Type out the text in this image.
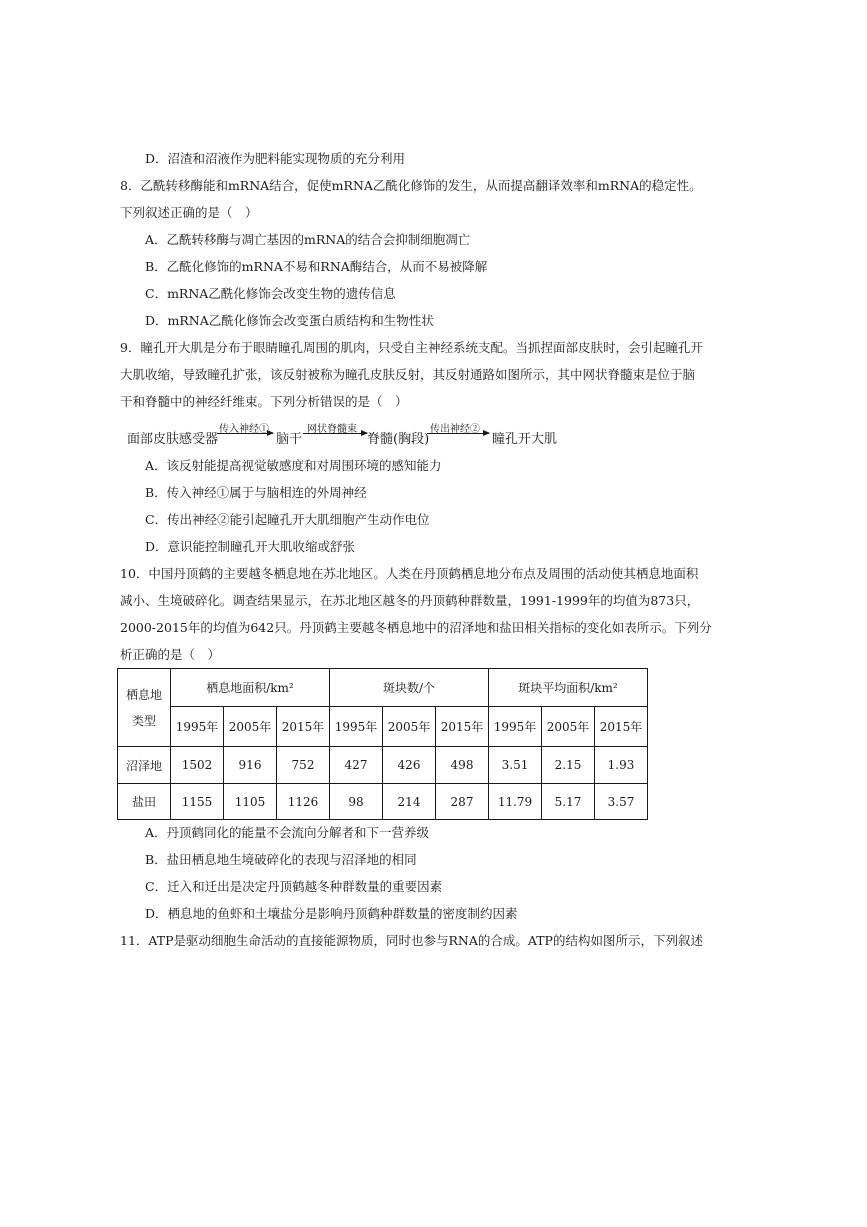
D．沼渣和沼液作为肥料能实现物质的充分利用
8．乙酰转移酶能和mRNA结合，促使mRNA乙酰化修饰的发生，从而提高翻译效率和mRNA的稳定性。
下列叙述正确的是（　）
A．乙酰转移酶与凋亡基因的mRNA的结合会抑制细胞凋亡
B．乙酰化修饰的mRNA不易和RNA酶结合，从而不易被降解
C．mRNA乙酰化修饰会改变生物的遗传信息
D．mRNA乙酰化修饰会改变蛋白质结构和生物性状
9．瞳孔开大肌是分布于眼睛瞳孔周围的肌肉，只受自主神经系统支配。当抓捏面部皮肤时，会引起瞳孔开
大肌收缩，导致瞳孔扩张，该反射被称为瞳孔皮肤反射，其反射通路如图所示，其中网状脊髓束是位于脑
干和脊髓中的神经纤维束。下列分析错误的是（　）
面部皮肤感受器
传入神经①
脑干
网状脊髓束
脊髓(胸段)
传出神经②
瞳孔开大肌
A．该反射能提高视觉敏感度和对周围环境的感知能力
B．传入神经①属于与脑相连的外周神经
C．传出神经②能引起瞳孔开大肌细胞产生动作电位
D．意识能控制瞳孔开大肌收缩或舒张
10．中国丹顶鹤的主要越冬栖息地在苏北地区。人类在丹顶鹤栖息地分布点及周围的活动使其栖息地面积
减小、生境破碎化。调查结果显示，在苏北地区越冬的丹顶鹤种群数量，1991-1999年的均值为873只，
2000-2015年的均值为642只。丹顶鹤主要越冬栖息地中的沼泽地和盐田相关指标的变化如表所示。下列分
析正确的是（　）
栖息地
类型	栖息地面积/km²			斑块数/个			斑块平均面积/km²		
	1995年	2005年	2015年	1995年	2005年	2015年	1995年	2005年	2015年
沼泽地	1502	916	752	427	426	498	3.51	2.15	1.93
盐田	1155	1105	1126	98	214	287	11.79	5.17	3.57
A．丹顶鹤同化的能量不会流向分解者和下一营养级
B．盐田栖息地生境破碎化的表现与沼泽地的相同
C．迁入和迁出是决定丹顶鹤越冬种群数量的重要因素
D．栖息地的鱼虾和土壤盐分是影响丹顶鹤种群数量的密度制约因素
11．ATP是驱动细胞生命活动的直接能源物质，同时也参与RNA的合成。ATP的结构如图所示，下列叙述
